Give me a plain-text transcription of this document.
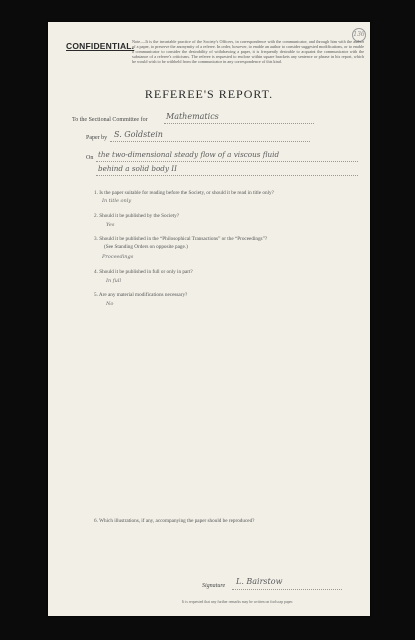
136
CONFIDENTIAL.
Note.—It is the invariable practice of the Society's Officers, in correspondence with the communicator, and through him with the author of a paper, to preserve the anonymity of a referee. In order, however, to enable an author to consider suggested modifications, or to enable a communicator to consider the desirability of withdrawing a paper, it is frequently desirable to acquaint the communicator with the substance of a referee's criticisms. The referee is requested to enclose within square brackets any sentence or phrase in his report, which he would wish to be withheld from the communicator in any correspondence of this kind.
REFEREE'S REPORT.
To the Sectional Committee for Mathematics
Paper by S. Goldstein
On the two-dimensional steady flow of a viscous fluid
behind a solid body II
1. Is the paper suitable for reading before the Society, or should it be read in title only?
In title only
2. Should it be published by the Society?
Yes
3. Should it be published in the “Philosophical Transactions” or the “Proceedings”?
(See Standing Orders on opposite page.)
Proceedings
4. Should it be published in full or only in part?
In full
5. Are any material modifications necessary?
No
6. Which illustrations, if any, accompanying the paper should be reproduced?
Signature L. Bairstow
It is requested that any further remarks may be written on foolscap paper.
